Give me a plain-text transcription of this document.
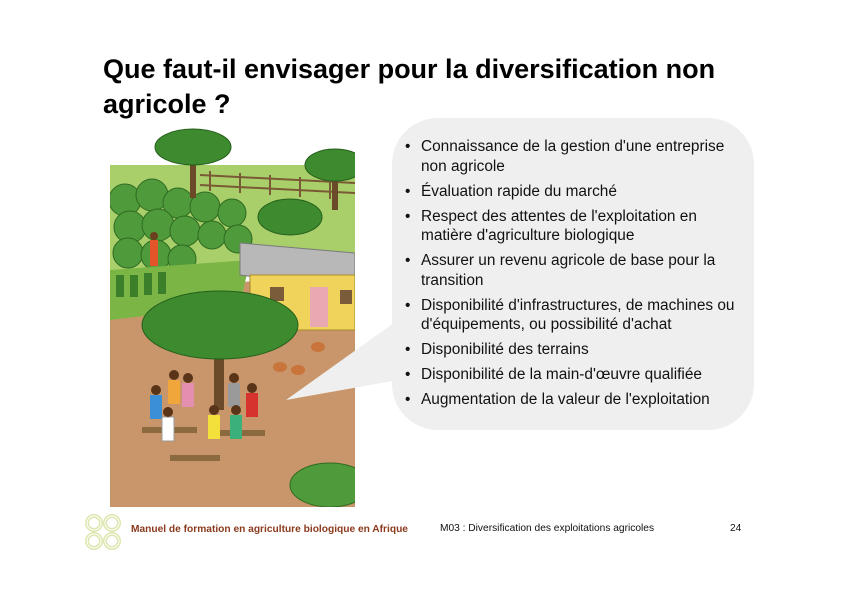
Que faut-il envisager pour la diversification non agricole ?
• Connaissance de la gestion d'une entreprise non agricole
• Évaluation rapide du marché
• Respect des attentes de l'exploitation en matière d'agriculture biologique
• Assurer un revenu agricole de base pour la transition
• Disponibilité d'infrastructures, de machines ou d'équipements, ou possibilité d'achat
• Disponibilité des terrains
• Disponibilité de la main-d'œuvre qualifiée
• Augmentation de la valeur de l'exploitation
Manuel de formation en agriculture biologique en Afrique	M03 : Diversification des exploitations agricoles	24
